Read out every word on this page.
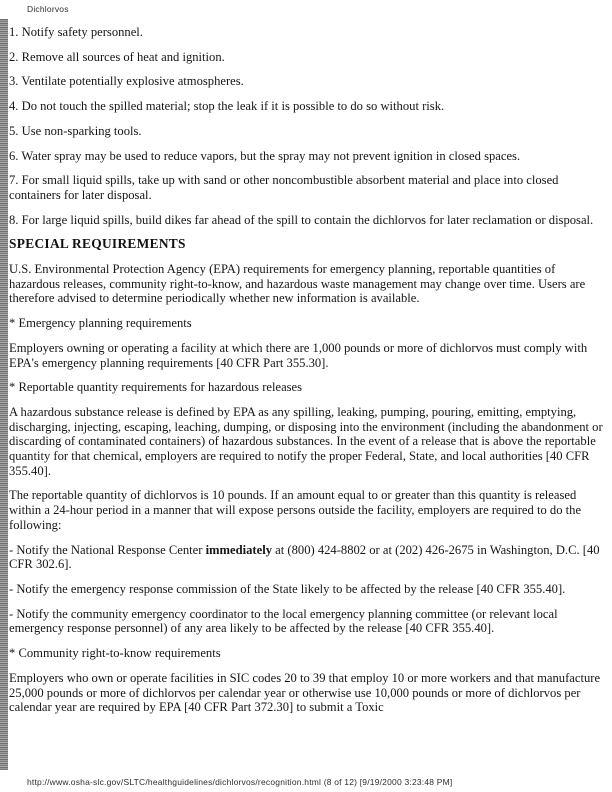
Dichlorvos

1. Notify safety personnel.

2. Remove all sources of heat and ignition.

3. Ventilate potentially explosive atmospheres.

4. Do not touch the spilled material; stop the leak if it is possible to do so without risk.

5. Use non-sparking tools.

6. Water spray may be used to reduce vapors, but the spray may not prevent ignition in closed spaces.

7. For small liquid spills, take up with sand or other noncombustible absorbent material and place into closed containers for later disposal.

8. For large liquid spills, build dikes far ahead of the spill to contain the dichlorvos for later reclamation or disposal.

SPECIAL REQUIREMENTS

U.S. Environmental Protection Agency (EPA) requirements for emergency planning, reportable quantities of hazardous releases, community right-to-know, and hazardous waste management may change over time. Users are therefore advised to determine periodically whether new information is available.

* Emergency planning requirements

Employers owning or operating a facility at which there are 1,000 pounds or more of dichlorvos must comply with EPA's emergency planning requirements [40 CFR Part 355.30].

* Reportable quantity requirements for hazardous releases

A hazardous substance release is defined by EPA as any spilling, leaking, pumping, pouring, emitting, emptying, discharging, injecting, escaping, leaching, dumping, or disposing into the environment (including the abandonment or discarding of contaminated containers) of hazardous substances. In the event of a release that is above the reportable quantity for that chemical, employers are required to notify the proper Federal, State, and local authorities [40 CFR 355.40].

The reportable quantity of dichlorvos is 10 pounds. If an amount equal to or greater than this quantity is released within a 24-hour period in a manner that will expose persons outside the facility, employers are required to do the following:

- Notify the National Response Center immediately at (800) 424-8802 or at (202) 426-2675 in Washington, D.C. [40 CFR 302.6].

- Notify the emergency response commission of the State likely to be affected by the release [40 CFR 355.40].

- Notify the community emergency coordinator to the local emergency planning committee (or relevant local emergency response personnel) of any area likely to be affected by the release [40 CFR 355.40].

* Community right-to-know requirements

Employers who own or operate facilities in SIC codes 20 to 39 that employ 10 or more workers and that manufacture 25,000 pounds or more of dichlorvos per calendar year or otherwise use 10,000 pounds or more of dichlorvos per calendar year are required by EPA [40 CFR Part 372.30] to submit a Toxic

http://www.osha-slc.gov/SLTC/healthguidelines/dichlorvos/recognition.html (8 of 12) [9/19/2000 3:23:48 PM]
